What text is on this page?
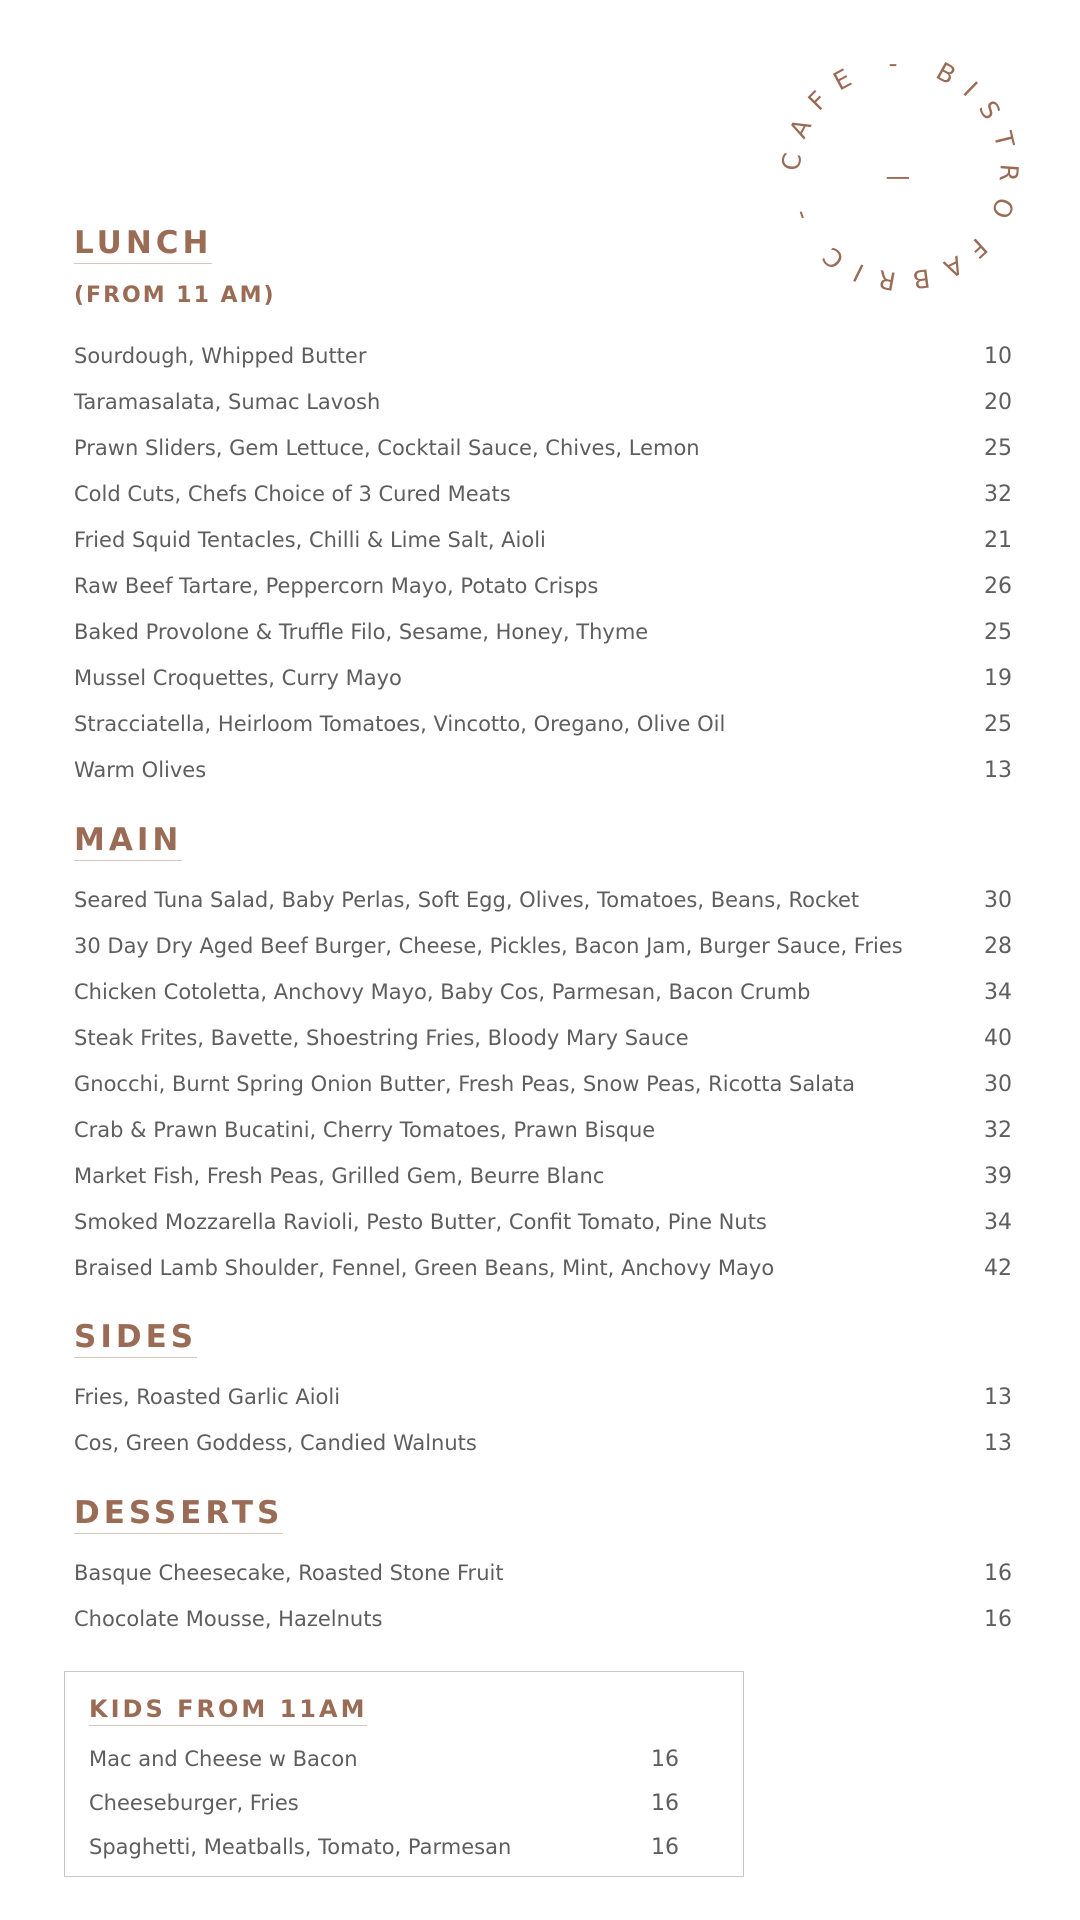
FABRIC - CAFE - BISTRO
|
LUNCH
(FROM 11 AM)
Sourdough, Whipped Butter	10
Taramasalata, Sumac Lavosh	20
Prawn Sliders, Gem Lettuce, Cocktail Sauce, Chives, Lemon	25
Cold Cuts, Chefs Choice of 3 Cured Meats	32
Fried Squid Tentacles, Chilli & Lime Salt, Aioli	21
Raw Beef Tartare, Peppercorn Mayo, Potato Crisps	26
Baked Provolone & Truffle Filo, Sesame, Honey, Thyme	25
Mussel Croquettes, Curry Mayo	19
Stracciatella, Heirloom Tomatoes, Vincotto, Oregano, Olive Oil	25
Warm Olives	13
MAIN
Seared Tuna Salad, Baby Perlas, Soft Egg, Olives, Tomatoes, Beans, Rocket	30
30 Day Dry Aged Beef Burger, Cheese, Pickles, Bacon Jam, Burger Sauce, Fries	28
Chicken Cotoletta, Anchovy Mayo, Baby Cos, Parmesan, Bacon Crumb	34
Steak Frites, Bavette, Shoestring Fries, Bloody Mary Sauce	40
Gnocchi, Burnt Spring Onion Butter, Fresh Peas, Snow Peas, Ricotta Salata	30
Crab & Prawn Bucatini, Cherry Tomatoes, Prawn Bisque	32
Market Fish, Fresh Peas, Grilled Gem, Beurre Blanc	39
Smoked Mozzarella Ravioli, Pesto Butter, Confit Tomato, Pine Nuts	34
Braised Lamb Shoulder, Fennel, Green Beans, Mint, Anchovy Mayo	42
SIDES
Fries, Roasted Garlic Aioli	13
Cos, Green Goddess, Candied Walnuts	13
DESSERTS
Basque Cheesecake, Roasted Stone Fruit	16
Chocolate Mousse, Hazelnuts	16
KIDS FROM 11AM
Mac and Cheese w Bacon	16
Cheeseburger, Fries	16
Spaghetti, Meatballs, Tomato, Parmesan	16
